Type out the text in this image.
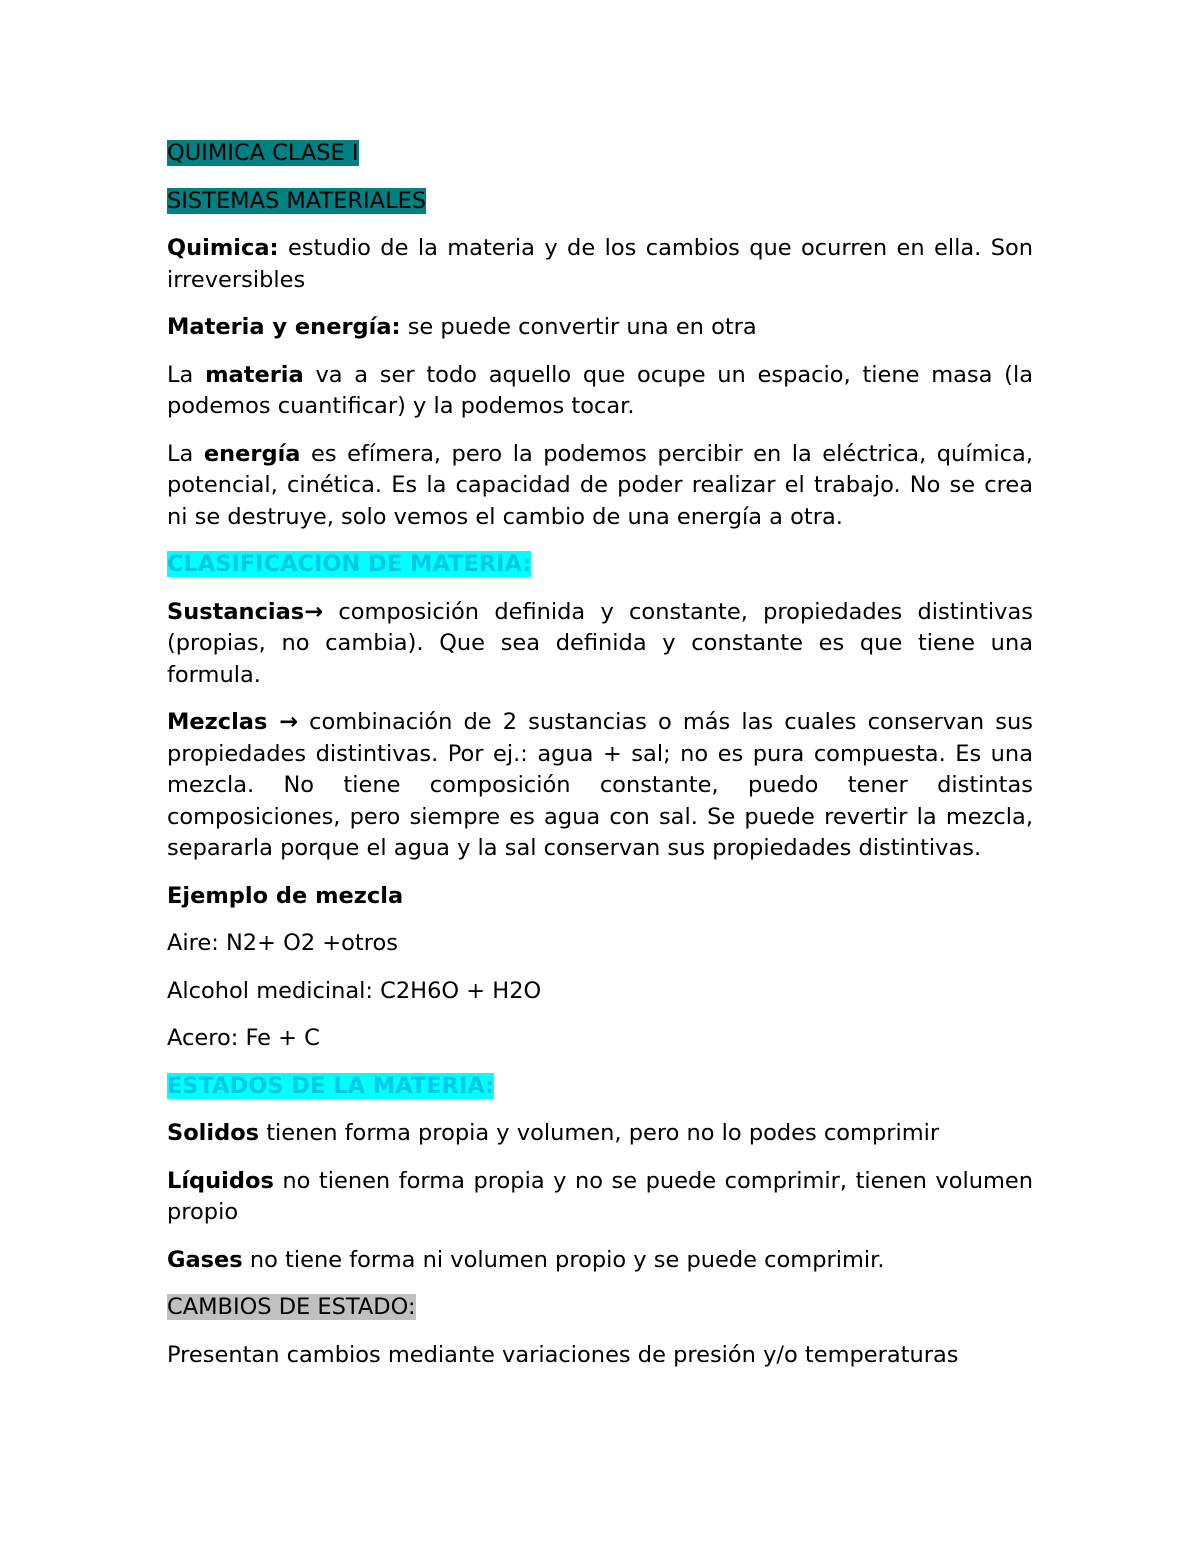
QUIMICA CLASE I

SISTEMAS MATERIALES

Quimica: estudio de la materia y de los cambios que ocurren en ella. Son irreversibles

Materia y energía: se puede convertir una en otra

La materia va a ser todo aquello que ocupe un espacio, tiene masa (la podemos cuantificar) y la podemos tocar.

La energía es efímera, pero la podemos percibir en la eléctrica, química, potencial, cinética. Es la capacidad de poder realizar el trabajo. No se crea ni se destruye, solo vemos el cambio de una energía a otra.

CLASIFICACION DE MATERIA:

Sustancias→ composición definida y constante, propiedades distintivas (propias, no cambia). Que sea definida y constante es que tiene una formula.

Mezclas → combinación de 2 sustancias o más las cuales conservan sus propiedades distintivas. Por ej.: agua + sal; no es pura compuesta. Es una mezcla. No tiene composición constante, puedo tener distintas composiciones, pero siempre es agua con sal. Se puede revertir la mezcla, separarla porque el agua y la sal conservan sus propiedades distintivas.

Ejemplo de mezcla

Aire: N2+ O2 +otros

Alcohol medicinal: C2H6O + H2O

Acero: Fe + C

ESTADOS DE LA MATERIA:

Solidos tienen forma propia y volumen, pero no lo podes comprimir

Líquidos no tienen forma propia y no se puede comprimir, tienen volumen propio

Gases no tiene forma ni volumen propio y se puede comprimir.

CAMBIOS DE ESTADO:

Presentan cambios mediante variaciones de presión y/o temperaturas
